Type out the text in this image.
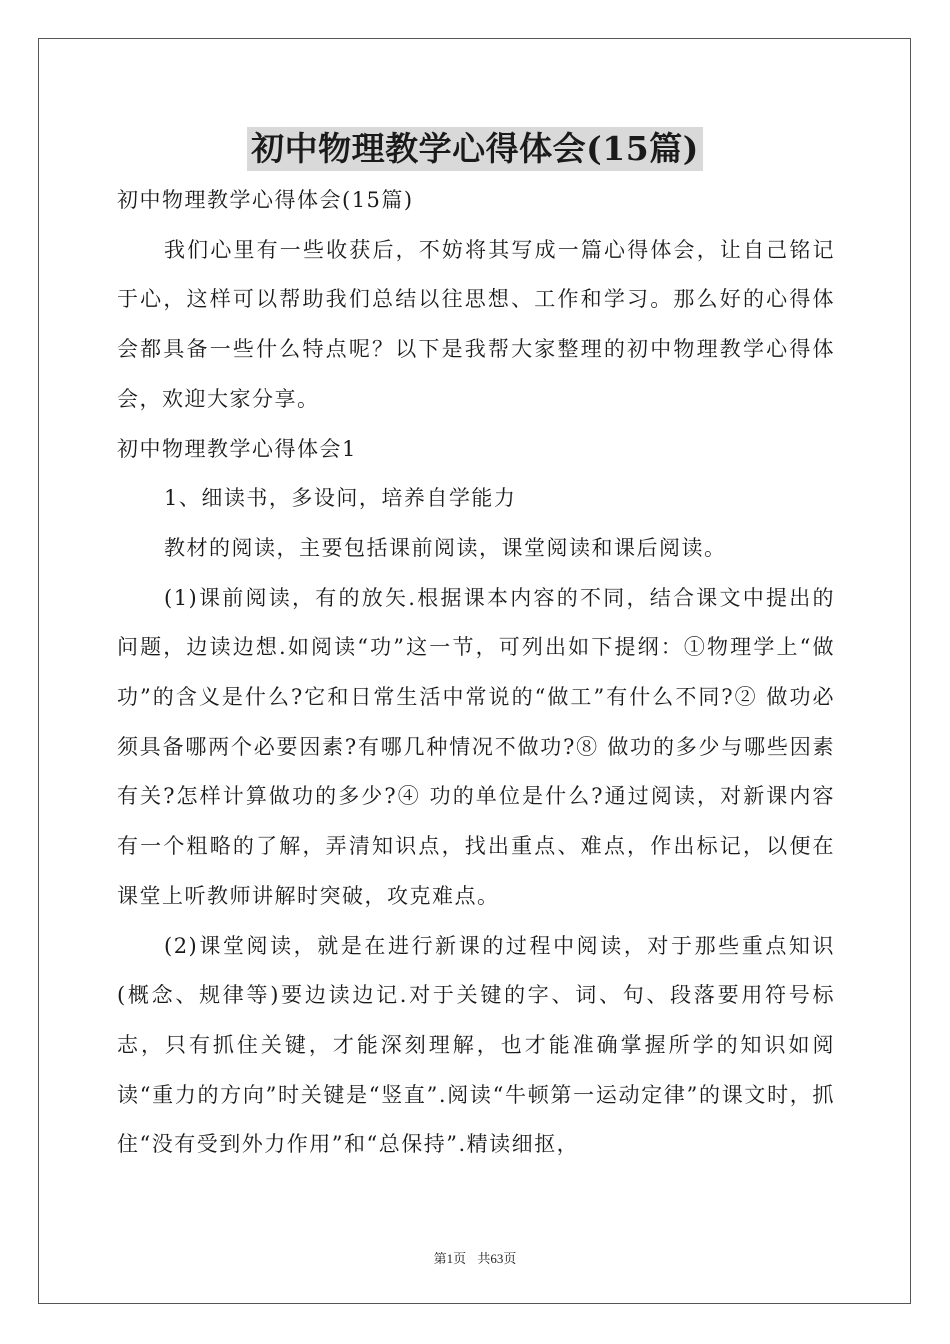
初中物理教学心得体会(15篇)

初中物理教学心得体会(15篇)

我们心里有一些收获后，不妨将其写成一篇心得体会，让自己铭记于心，这样可以帮助我们总结以往思想、工作和学习。那么好的心得体会都具备一些什么特点呢？以下是我帮大家整理的初中物理教学心得体会，欢迎大家分享。

初中物理教学心得体会1

1、细读书，多设问，培养自学能力

教材的阅读，主要包括课前阅读，课堂阅读和课后阅读。

(1)课前阅读，有的放矢.根据课本内容的不同，结合课文中提出的问题，边读边想.如阅读“功”这一节，可列出如下提纲：①物理学上“做功”的含义是什么?它和日常生活中常说的“做工”有什么不同?② 做功必须具备哪两个必要因素?有哪几种情况不做功?⑧ 做功的多少与哪些因素有关?怎样计算做功的多少?④ 功的单位是什么?通过阅读，对新课内容有一个粗略的了解，弄清知识点，找出重点、难点，作出标记，以便在课堂上听教师讲解时突破，攻克难点。

(2)课堂阅读，就是在进行新课的过程中阅读，对于那些重点知识(概念、规律等)要边读边记.对于关键的字、词、句、段落要用符号标志，只有抓住关键，才能深刻理解，也才能准确掌握所学的知识如阅读“重力的方向”时关键是“竖直”.阅读“牛顿第一运动定律”的课文时，抓住“没有受到外力作用”和“总保持”.精读细抠，

第1页 共63页
